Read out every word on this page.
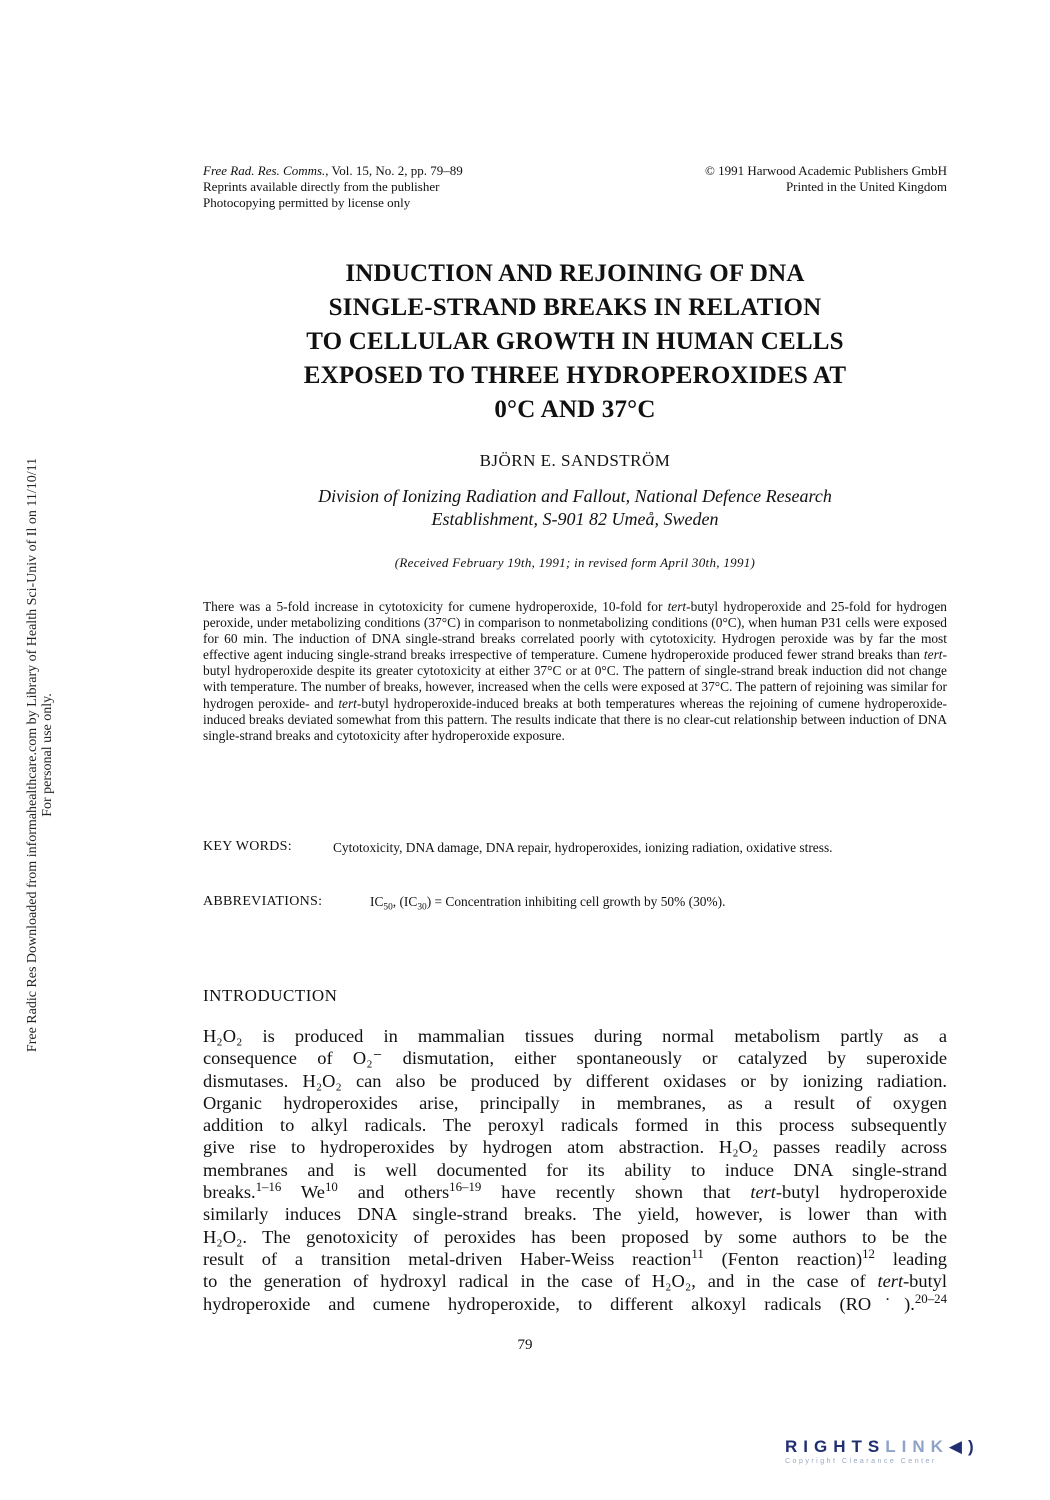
Free Rad. Res. Comms., Vol. 15, No. 2, pp. 79–89
Reprints available directly from the publisher
Photocopying permitted by license only
© 1991 Harwood Academic Publishers GmbH
Printed in the United Kingdom
INDUCTION AND REJOINING OF DNA
SINGLE-STRAND BREAKS IN RELATION
TO CELLULAR GROWTH IN HUMAN CELLS
EXPOSED TO THREE HYDROPEROXIDES AT
0°C AND 37°C
BJÖRN E. SANDSTRÖM
Division of Ionizing Radiation and Fallout, National Defence Research
Establishment, S-901 82 Umeå, Sweden
(Received February 19th, 1991; in revised form April 30th, 1991)
There was a 5-fold increase in cytotoxicity for cumene hydroperoxide, 10-fold for tert-butyl hydroperoxide and 25-fold for hydrogen peroxide, under metabolizing conditions (37°C) in comparison to nonmetabolizing conditions (0°C), when human P31 cells were exposed for 60 min. The induction of DNA single-strand breaks correlated poorly with cytotoxicity. Hydrogen peroxide was by far the most effective agent inducing single-strand breaks irrespective of temperature. Cumene hydroperoxide produced fewer strand breaks than tert-butyl hydroperoxide despite its greater cytotoxicity at either 37°C or at 0°C. The pattern of single-strand break induction did not change with temperature. The number of breaks, however, increased when the cells were exposed at 37°C. The pattern of rejoining was similar for hydrogen peroxide- and tert-butyl hydroperoxide-induced breaks at both temperatures whereas the rejoining of cumene hydroperoxide-induced breaks deviated somewhat from this pattern. The results indicate that there is no clear-cut relationship between induction of DNA single-strand breaks and cytotoxicity after hydroperoxide exposure.
KEY WORDS:	Cytotoxicity, DNA damage, DNA repair, hydroperoxides, ionizing radiation, oxidative stress.
ABBREVIATIONS:	$IC_{50}$, $(IC_{30})$ = Concentration inhibiting cell growth by 50% (30%).
INTRODUCTION
H₂O₂ is produced in mammalian tissues during normal metabolism partly as a
consequence of O₂⁻ dismutation, either spontaneously or catalyzed by superoxide
dismutases. H₂O₂ can also be produced by different oxidases or by ionizing radiation.
Organic hydroperoxides arise, principally in membranes, as a result of oxygen
addition to alkyl radicals. The peroxyl radicals formed in this process subsequently
give rise to hydroperoxides by hydrogen atom abstraction. H₂O₂ passes readily across
membranes and is well documented for its ability to induce DNA single-strand
breaks.$^{1-16}$ We$^{10}$ and others$^{16-19}$ have recently shown that tert-butyl hydroperoxide
similarly induces DNA single-strand breaks. The yield, however, is lower than with
H₂O₂. The genotoxicity of peroxides has been proposed by some authors to be the
result of a transition metal-driven Haber-Weiss reaction$^{11}$ (Fenton reaction)$^{12}$ leading
to the generation of hydroxyl radical in the case of H₂O₂, and in the case of tert-butyl
hydroperoxide and cumene hydroperoxide, to different alkoxyl radicals (RO˙).$^{20-24}$
79
Free Radic Res Downloaded from informahealthcare.com by Library of Health Sci-Univ of Il on 11/10/11 For personal use only.
RIGHTSLINK◀)
Copyright Clearance Center
